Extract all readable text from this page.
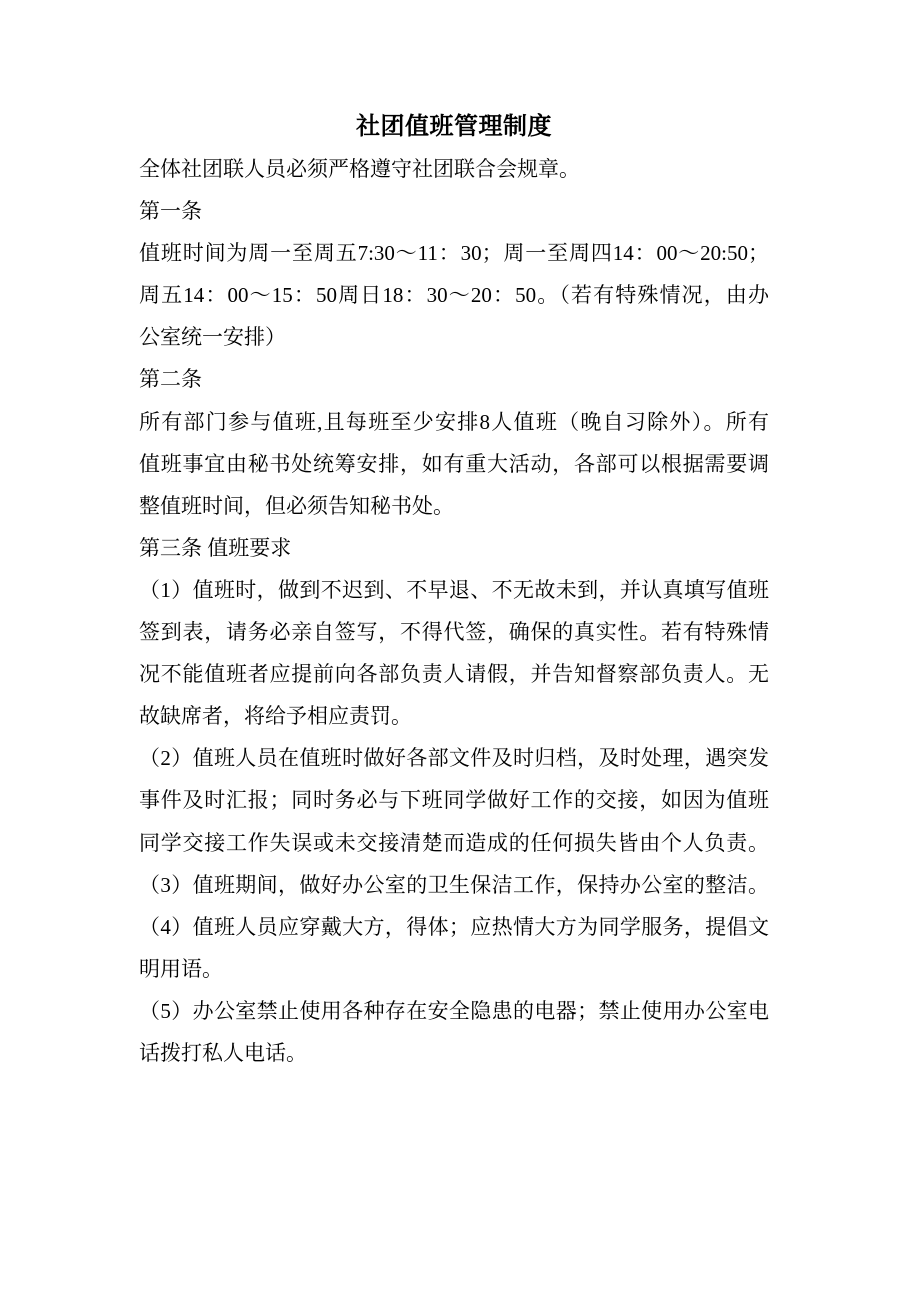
社团值班管理制度
全体社团联人员必须严格遵守社团联合会规章。
第一条
值班时间为周一至周五7:30～11：30；周一至周四14：00～20:50；
周五14：00～15：50周日18：30～20：50。（若有特殊情况，由办
公室统一安排）
第二条
所有部门参与值班,且每班至少安排8人值班（晚自习除外）。所有
值班事宜由秘书处统筹安排，如有重大活动，各部可以根据需要调
整值班时间，但必须告知秘书处。
第三条 值班要求
（1）值班时，做到不迟到、不早退、不无故未到，并认真填写值班
签到表，请务必亲自签写，不得代签，确保的真实性。若有特殊情
况不能值班者应提前向各部负责人请假，并告知督察部负责人。无
故缺席者，将给予相应责罚。
（2）值班人员在值班时做好各部文件及时归档，及时处理，遇突发
事件及时汇报；同时务必与下班同学做好工作的交接，如因为值班
同学交接工作失误或未交接清楚而造成的任何损失皆由个人负责。
（3）值班期间，做好办公室的卫生保洁工作，保持办公室的整洁。
（4）值班人员应穿戴大方，得体；应热情大方为同学服务，提倡文
明用语。
（5）办公室禁止使用各种存在安全隐患的电器；禁止使用办公室电
话拨打私人电话。
